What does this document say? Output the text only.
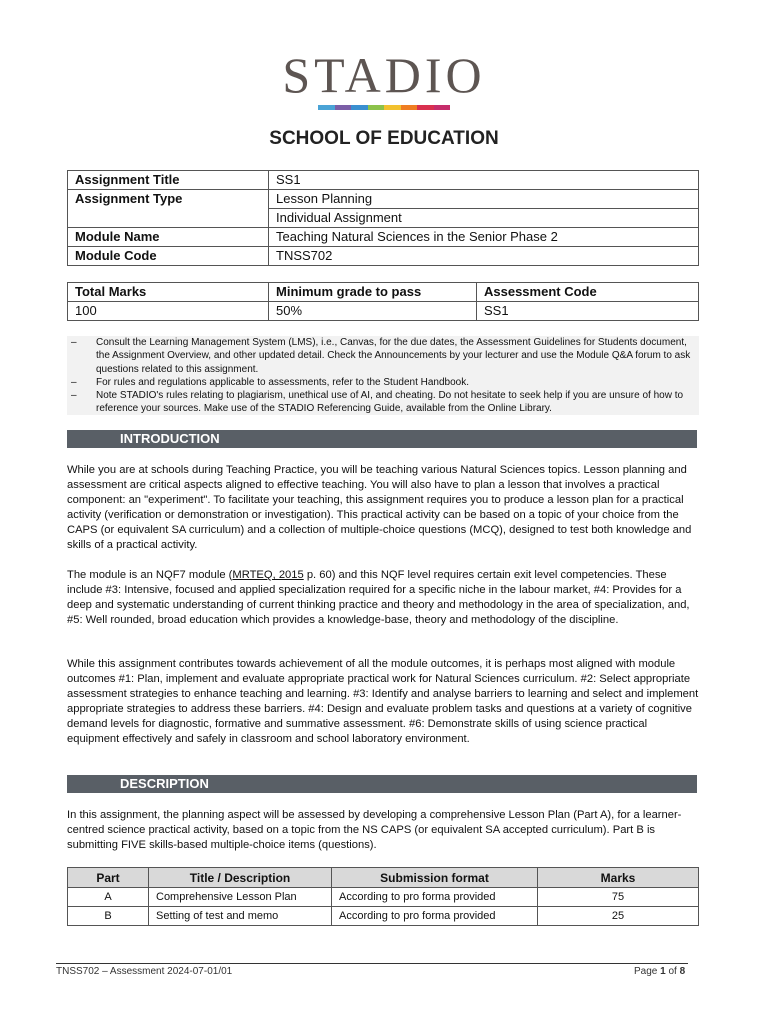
STADIO
SCHOOL OF EDUCATION
Assignment Title	SS1
Assignment Type	Lesson Planning
	Individual Assignment
Module Name	Teaching Natural Sciences in the Senior Phase 2
Module Code	TNSS702
Total Marks	Minimum grade to pass	Assessment Code
100	50%	SS1
– Consult the Learning Management System (LMS), i.e., Canvas, for the due dates, the Assessment Guidelines for Students document, the Assignment Overview, and other updated detail. Check the Announcements by your lecturer and use the Module Q&A forum to ask questions related to this assignment.
– For rules and regulations applicable to assessments, refer to the Student Handbook.
– Note STADIO's rules relating to plagiarism, unethical use of AI, and cheating. Do not hesitate to seek help if you are unsure of how to reference your sources. Make use of the STADIO Referencing Guide, available from the Online Library.
INTRODUCTION

While you are at schools during Teaching Practice, you will be teaching various Natural Sciences topics. Lesson planning and assessment are critical aspects aligned to effective teaching. You will also have to plan a lesson that involves a practical component: an "experiment". To facilitate your teaching, this assignment requires you to produce a lesson plan for a practical activity (verification or demonstration or investigation). This practical activity can be based on a topic of your choice from the CAPS (or equivalent SA curriculum) and a collection of multiple-choice questions (MCQ), designed to test both knowledge and skills of a practical activity.

The module is an NQF7 module (MRTEQ, 2015 p. 60) and this NQF level requires certain exit level competencies. These include #3: Intensive, focused and applied specialization required for a specific niche in the labour market, #4: Provides for a deep and systematic understanding of current thinking practice and theory and methodology in the area of specialization, and, #5: Well rounded, broad education which provides a knowledge-base, theory and methodology of the discipline.

While this assignment contributes towards achievement of all the module outcomes, it is perhaps most aligned with module outcomes #1: Plan, implement and evaluate appropriate practical work for Natural Sciences curriculum. #2: Select appropriate assessment strategies to enhance teaching and learning. #3: Identify and analyse barriers to learning and select and implement appropriate strategies to address these barriers. #4: Design and evaluate problem tasks and questions at a variety of cognitive demand levels for diagnostic, formative and summative assessment. #6: Demonstrate skills of using science practical equipment effectively and safely in classroom and school laboratory environment.

DESCRIPTION

In this assignment, the planning aspect will be assessed by developing a comprehensive Lesson Plan (Part A), for a learner-centred science practical activity, based on a topic from the NS CAPS (or equivalent SA accepted curriculum). Part B is submitting FIVE skills-based multiple-choice items (questions).

Part	Title / Description	Submission format	Marks
A	Comprehensive Lesson Plan	According to pro forma provided	75
B	Setting of test and memo	According to pro forma provided	25
TNSS702 – Assessment 2024-07-01/01	Page 1 of 8
